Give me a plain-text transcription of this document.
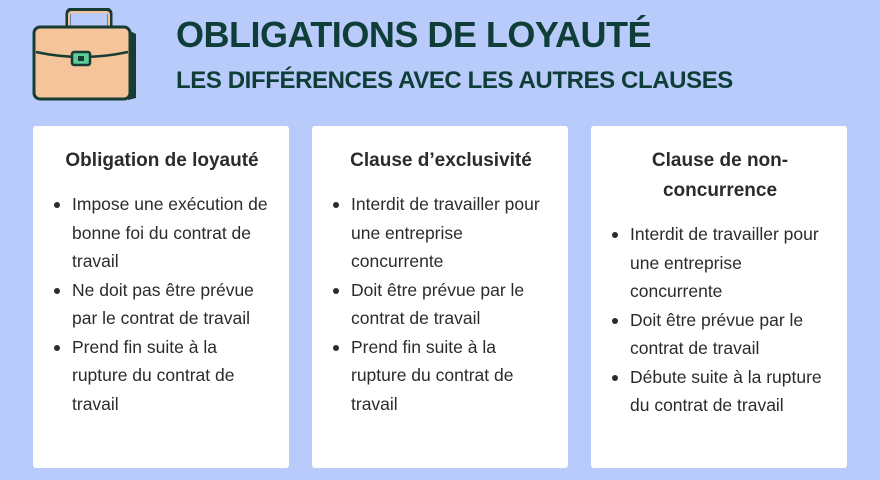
OBLIGATIONS DE LOYAUTÉ

LES DIFFÉRENCES AVEC LES AUTRES CLAUSES

Obligation de loyauté
Impose une exécution de bonne foi du contrat de travail
Ne doit pas être prévue par le contrat de travail
Prend fin suite à la rupture du contrat de travail
Clause d’exclusivité
Interdit de travailler pour une entreprise concurrente
Doit être prévue par le contrat de travail
Prend fin suite à la rupture du contrat de travail
Clause de non-concurrence
Interdit de travailler pour une entreprise concurrente
Doit être prévue par le contrat de travail
Débute suite à la rupture du contrat de travail
